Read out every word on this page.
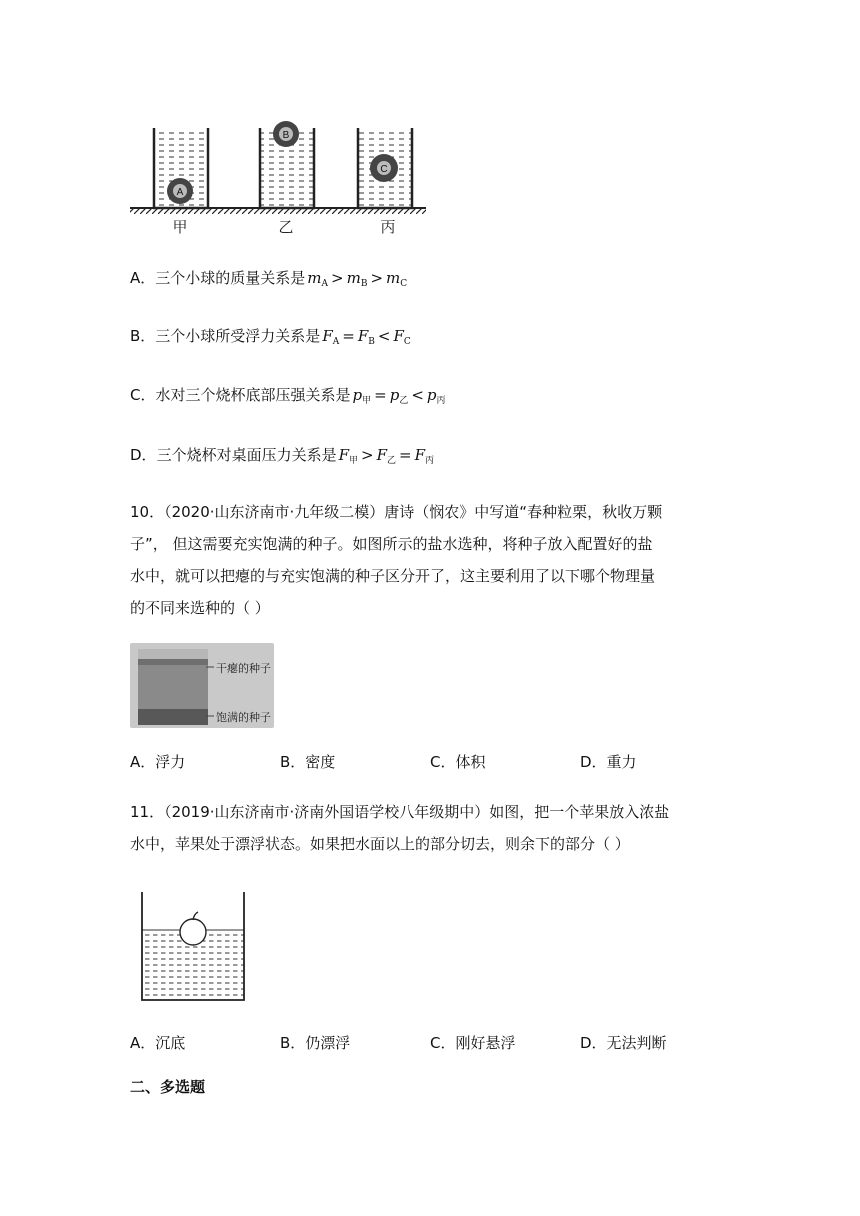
A
B
C
甲	乙	丙
A．三个小球的质量关系是 $m_A > m_B > m_C$
B．三个小球所受浮力关系是 $F_A = F_B < F_C$
C．水对三个烧杯底部压强关系是 $p_甲 = p_乙 < p_丙$
D．三个烧杯对桌面压力关系是 $F_甲 > F_乙 = F_丙$
10．（2020·山东济南市·九年级二模）唐诗（悯农》中写道“春种粒栗，秋收万颗
子”， 但这需要充实饱满的种子。如图所示的盐水选种，将种子放入配置好的盐
水中，就可以把瘪的与充实饱满的种子区分开了，这主要利用了以下哪个物理量
的不同来选种的（ ）
干瘪的种子
饱满的种子
A．浮力	B．密度	C．体积	D．重力
11．（2019·山东济南市·济南外国语学校八年级期中）如图，把一个苹果放入浓盐
水中，苹果处于漂浮状态。如果把水面以上的部分切去，则余下的部分（ ）
A．沉底	B．仍漂浮	C．刚好悬浮	D．无法判断
二、多选题
